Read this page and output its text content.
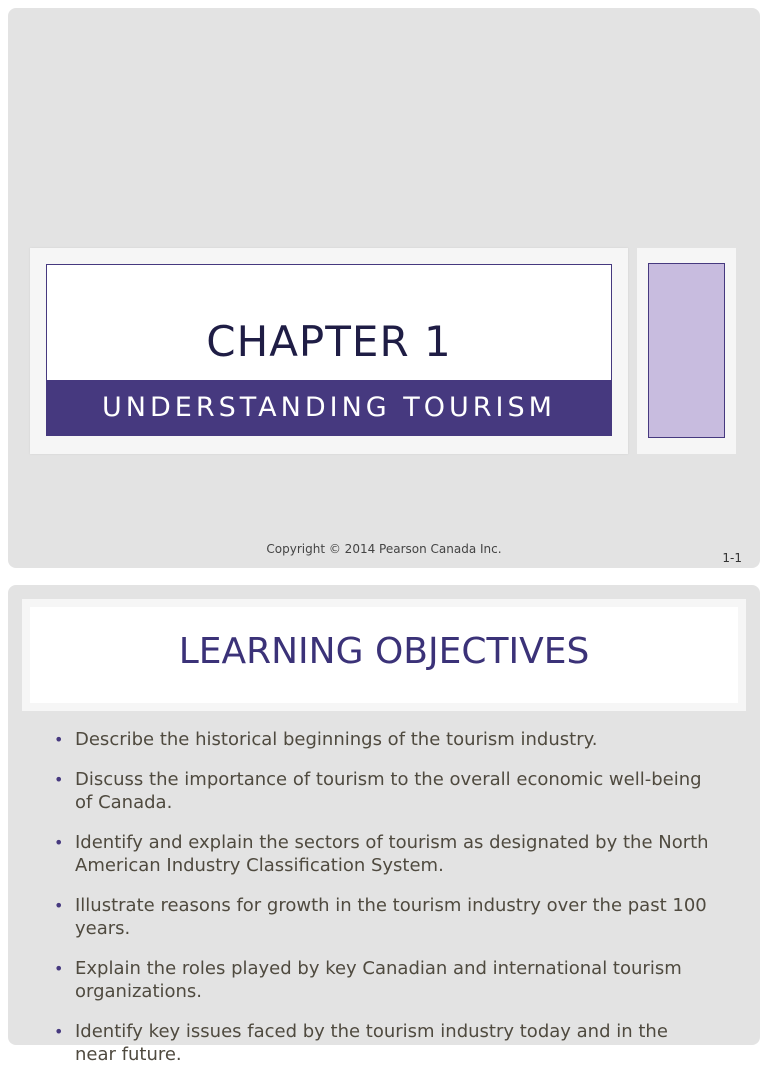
CHAPTER 1
UNDERSTANDING TOURISM
Copyright © 2014 Pearson Canada Inc.
1-1
LEARNING OBJECTIVES
• Describe the historical beginnings of the tourism industry.
• Discuss the importance of tourism to the overall economic well-being of Canada.
• Identify and explain the sectors of tourism as designated by the North American Industry Classification System.
• Illustrate reasons for growth in the tourism industry over the past 100 years.
• Explain the roles played by key Canadian and international tourism organizations.
• Identify key issues faced by the tourism industry today and in the near future.
